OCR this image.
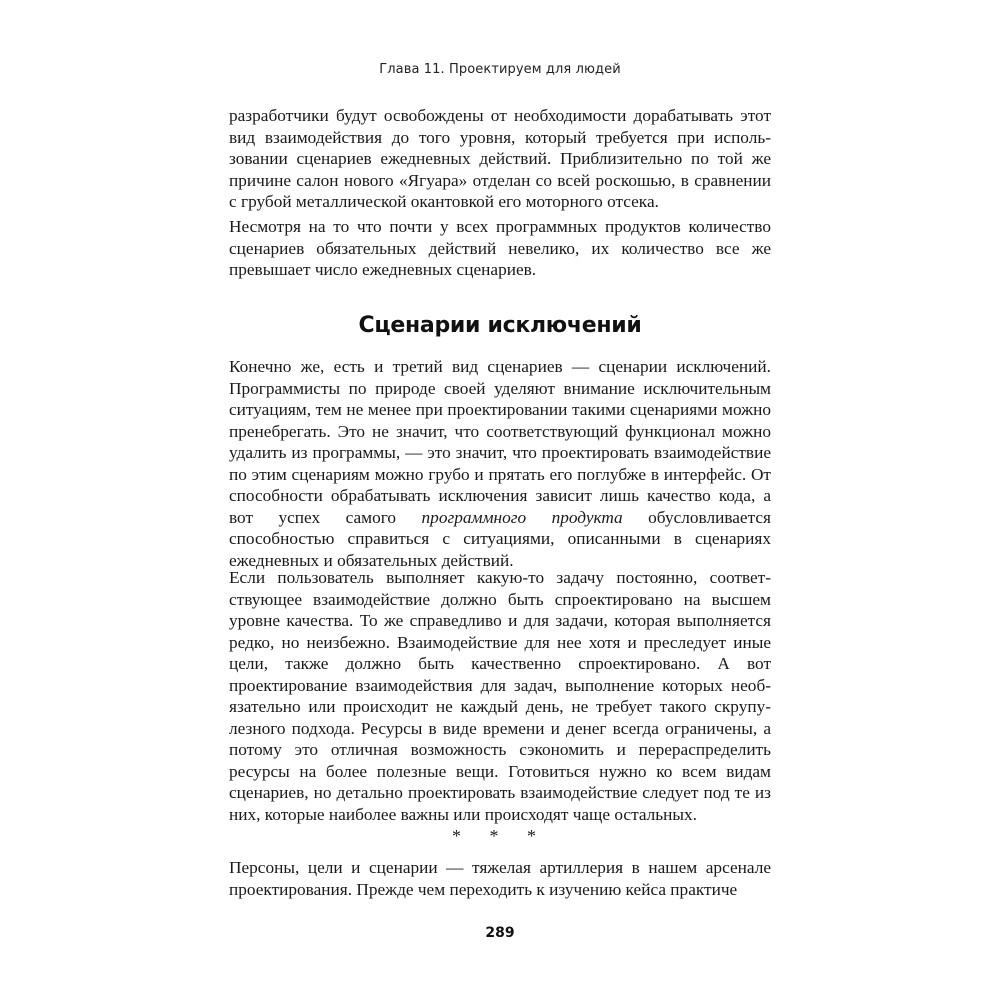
Глава 11. Проектируем для людей

разработчики будут освобождены от необходимости дорабатывать этот вид взаимодействия до того уровня, который требуется при использовании сценариев ежедневных действий. Приблизительно по той же причине салон нового «Ягуара» отделан со всей роскошью, в сравнении с грубой металлической окантовкой его моторного отсека.

Несмотря на то что почти у всех программных продуктов количество сценариев обязательных действий невелико, их количество все же превышает число ежедневных сценариев.

Сценарии исключений

Конечно же, есть и третий вид сценариев — сценарии исключений. Программисты по природе своей уделяют внимание исключительным ситуациям, тем не менее при проектировании такими сценариями можно пренебрегать. Это не значит, что соответствующий функционал можно удалить из программы, — это значит, что проектировать взаимодействие по этим сценариям можно грубо и прятать его поглубже в интерфейс. От способности обрабатывать исключения зависит лишь качество кода, а вот успех самого программного продукта обусловливается способностью справиться с ситуациями, описанными в сценариях ежедневных и обязательных действий.

Если пользователь выполняет какую-то задачу постоянно, соответствующее взаимодействие должно быть спроектировано на высшем уровне качества. То же справедливо и для задачи, которая выполняется редко, но неизбежно. Взаимодействие для нее хотя и преследует иные цели, также должно быть качественно спроектировано. А вот проектирование взаимодействия для задач, выполнение которых необязательно или происходит не каждый день, не требует такого скрупулезного подхода. Ресурсы в виде времени и денег всегда ограничены, а потому это отличная возможность сэкономить и перераспределить ресурсы на более полезные вещи. Готовиться нужно ко всем видам сценариев, но детально проектировать взаимодействие следует под те из них, которые наиболее важны или происходят чаще остальных.

* * *

Персоны, цели и сценарии — тяжелая артиллерия в нашем арсенале проектирования. Прежде чем переходить к изучению кейса практиче

289
